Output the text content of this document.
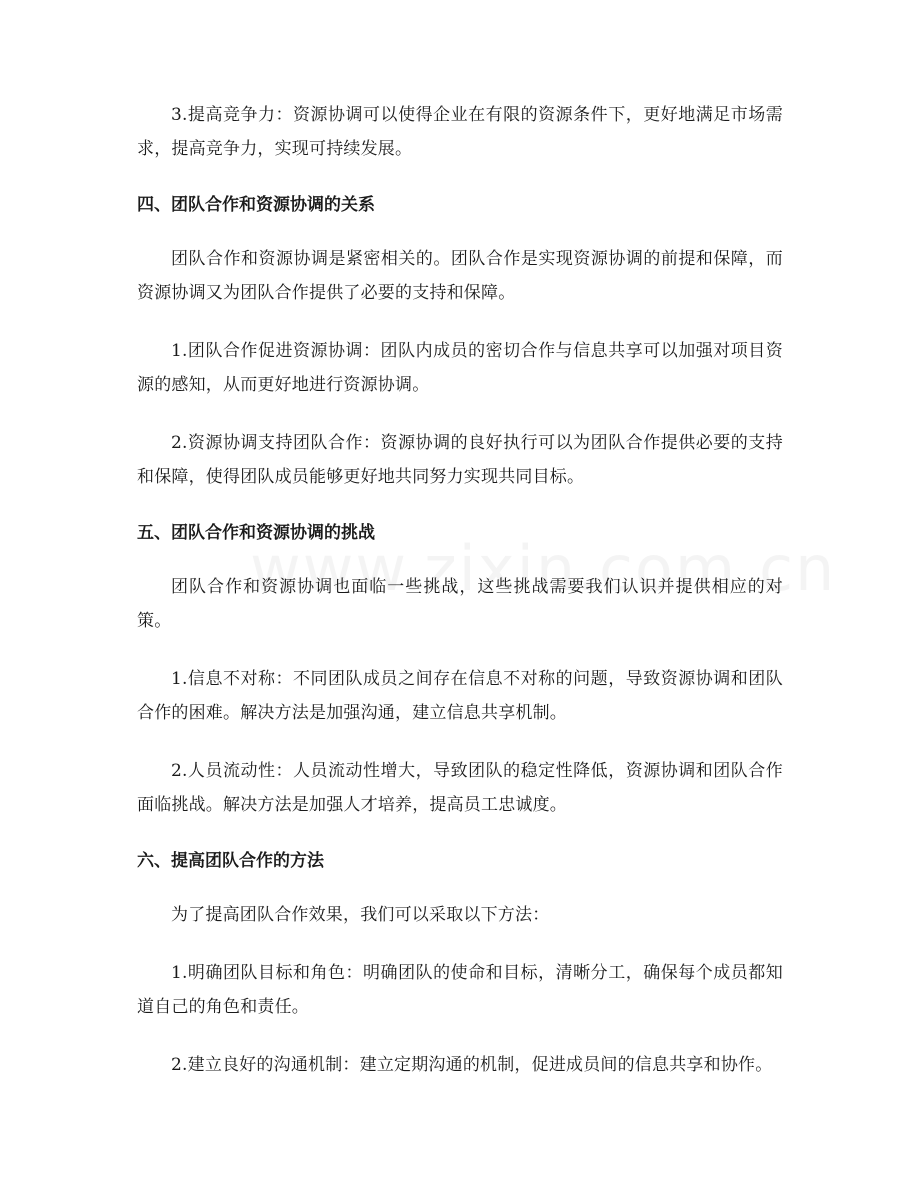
3.提高竞争力：资源协调可以使得企业在有限的资源条件下，更好地满足市场需求，提高竞争力，实现可持续发展。

四、团队合作和资源协调的关系

团队合作和资源协调是紧密相关的。团队合作是实现资源协调的前提和保障，而资源协调又为团队合作提供了必要的支持和保障。

1.团队合作促进资源协调：团队内成员的密切合作与信息共享可以加强对项目资源的感知，从而更好地进行资源协调。

2.资源协调支持团队合作：资源协调的良好执行可以为团队合作提供必要的支持和保障，使得团队成员能够更好地共同努力实现共同目标。

五、团队合作和资源协调的挑战

团队合作和资源协调也面临一些挑战，这些挑战需要我们认识并提供相应的对策。

1.信息不对称：不同团队成员之间存在信息不对称的问题，导致资源协调和团队合作的困难。解决方法是加强沟通，建立信息共享机制。

2.人员流动性：人员流动性增大，导致团队的稳定性降低，资源协调和团队合作面临挑战。解决方法是加强人才培养，提高员工忠诚度。

六、提高团队合作的方法

为了提高团队合作效果，我们可以采取以下方法：

1.明确团队目标和角色：明确团队的使命和目标，清晰分工，确保每个成员都知道自己的角色和责任。

2.建立良好的沟通机制：建立定期沟通的机制，促进成员间的信息共享和协作。
